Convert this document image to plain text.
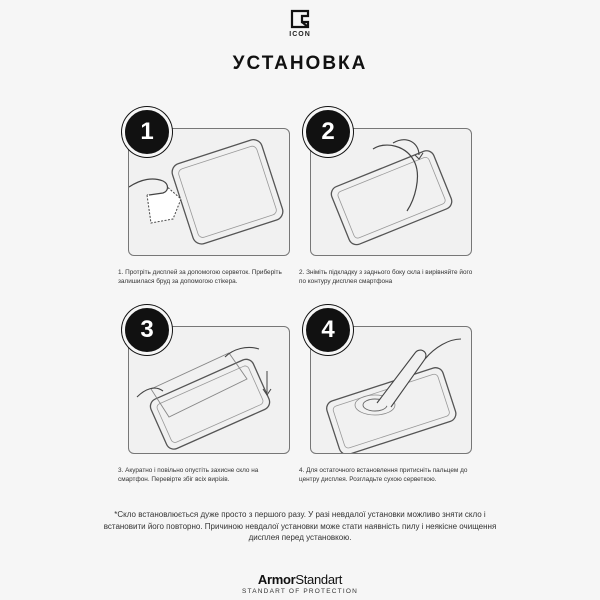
ICON
УСТАНОВКА
1
1. Протріть дисплей за допомогою серветок. Приберіть залишилася бруд за допомогою стікера.
2
2. Зніміть підкладку з заднього боку скла і вирівняйте його по контуру дисплея смартфона
3
3. Акуратно і повільно опустіть захисне скло на смартфон. Перевірте збіг всіх вирізів.
4
4. Для остаточного встановлення притисніть пальцем до центру дисплея. Розгладьте сухою серветкою.
*Скло встановлюється дуже просто з першого разу. У разі невдалої установки можливо зняти скло і встановити його повторно. Причиною невдалої установки може стати наявність пилу і неякісне очищення дисплея перед установкою.
ArmorStandart
STANDART OF PROTECTION
